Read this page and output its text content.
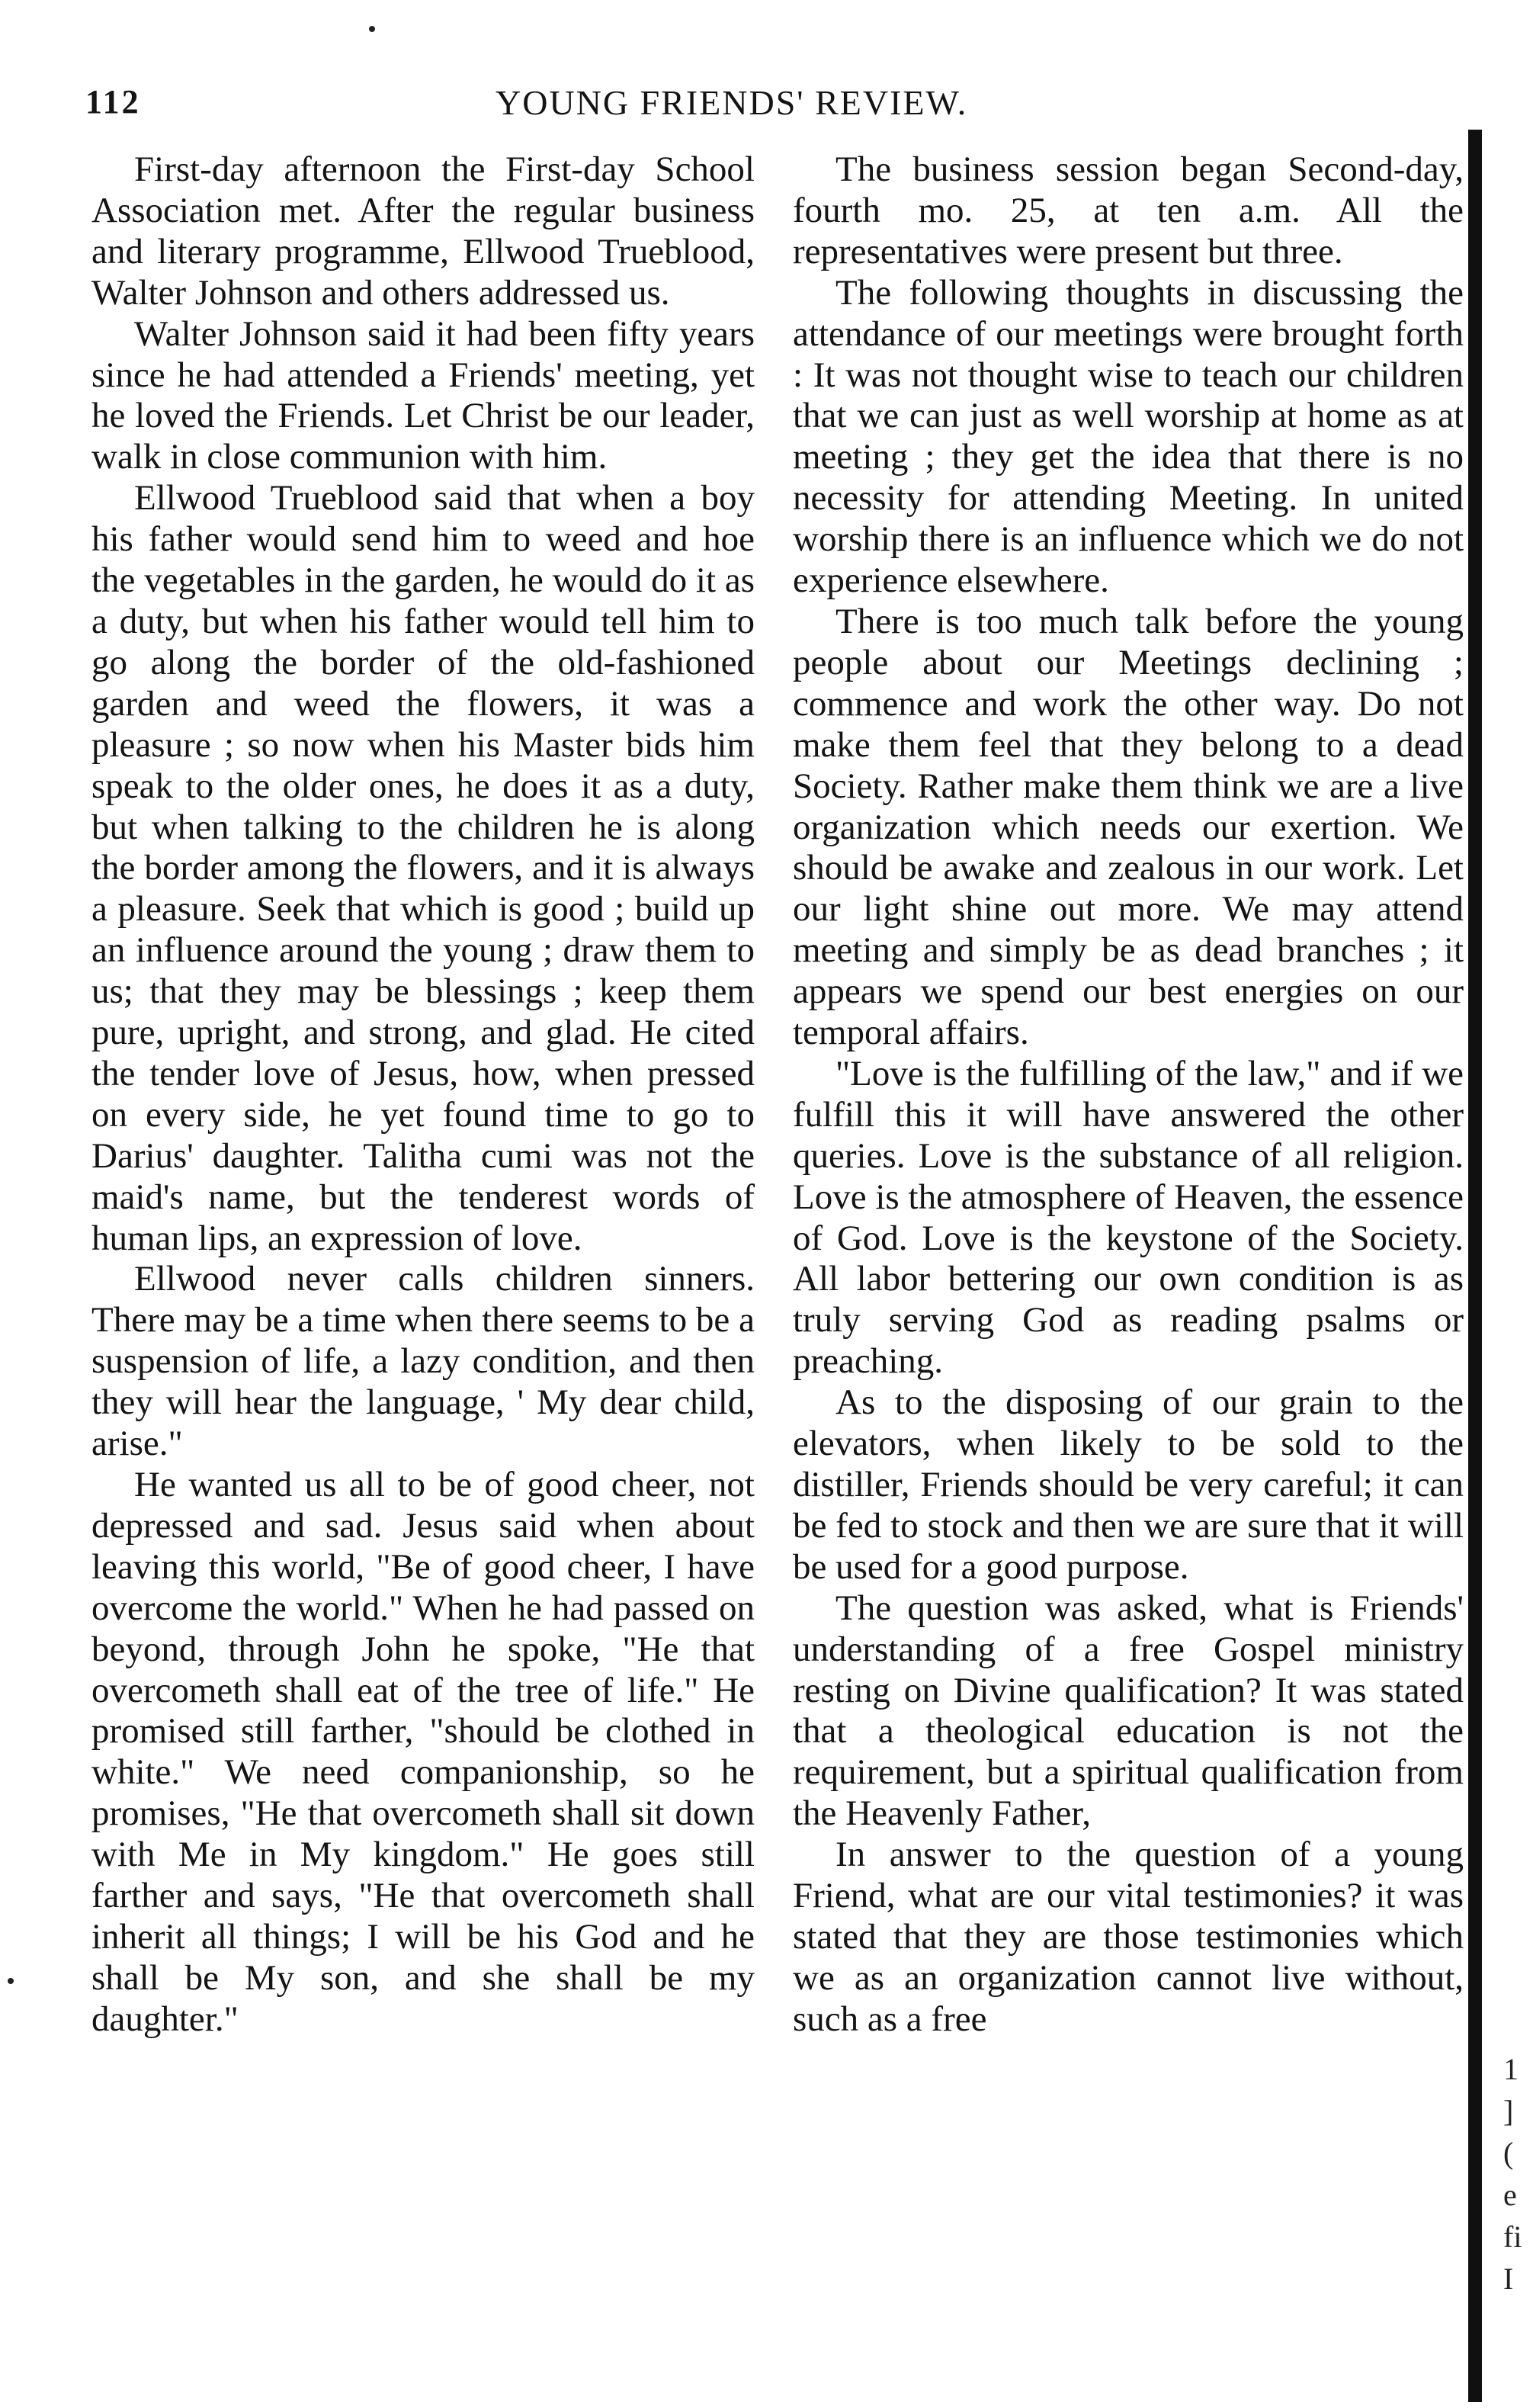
112	YOUNG FRIENDS' REVIEW.

First-day afternoon the First-day School Association met. After the regular business and literary programme, Ellwood Trueblood, Walter Johnson and others addressed us.

Walter Johnson said it had been fifty years since he had attended a Friends' meeting, yet he loved the Friends. Let Christ be our leader, walk in close communion with him.

Ellwood Trueblood said that when a boy his father would send him to weed and hoe the vegetables in the garden, he would do it as a duty, but when his father would tell him to go along the border of the old-fashioned garden and weed the flowers, it was a pleasure ; so now when his Master bids him speak to the older ones, he does it as a duty, but when talking to the children he is along the border among the flowers, and it is always a pleasure. Seek that which is good ; build up an influence around the young ; draw them to us; that they may be blessings ; keep them pure, upright, and strong, and glad. He cited the tender love of Jesus, how, when pressed on every side, he yet found time to go to Darius' daughter. Talitha cumi was not the maid's name, but the tenderest words of human lips, an expression of love.

Ellwood never calls children sinners. There may be a time when there seems to be a suspension of life, a lazy condition, and then they will hear the language, ' My dear child, arise."

He wanted us all to be of good cheer, not depressed and sad. Jesus said when about leaving this world, "Be of good cheer, I have overcome the world." When he had passed on beyond, through John he spoke, "He that overcometh shall eat of the tree of life." He promised still farther, "should be clothed in white." We need companionship, so he promises, "He that overcometh shall sit down with Me in My kingdom." He goes still farther and says, "He that overcometh shall inherit all things; I will be his God and he shall be My son, and she shall be my daughter."

The business session began Second-day, fourth mo. 25, at ten a.m. All the representatives were present but three.

The following thoughts in discussing the attendance of our meetings were brought forth : It was not thought wise to teach our children that we can just as well worship at home as at meeting ; they get the idea that there is no necessity for attending Meeting. In united worship there is an influence which we do not experience elsewhere.

There is too much talk before the young people about our Meetings declining ; commence and work the other way. Do not make them feel that they belong to a dead Society. Rather make them think we are a live organization which needs our exertion. We should be awake and zealous in our work. Let our light shine out more. We may attend meeting and simply be as dead branches ; it appears we spend our best energies on our temporal affairs.

"Love is the fulfilling of the law," and if we fulfill this it will have answered the other queries. Love is the substance of all religion. Love is the atmosphere of Heaven, the essence of God. Love is the keystone of the Society. All labor bettering our own condition is as truly serving God as reading psalms or preaching.

As to the disposing of our grain to the elevators, when likely to be sold to the distiller, Friends should be very careful; it can be fed to stock and then we are sure that it will be used for a good purpose.

The question was asked, what is Friends' understanding of a free Gospel ministry resting on Divine qualification? It was stated that a theological education is not the requirement, but a spiritual qualification from the Heavenly Father,

In answer to the question of a young Friend, what are our vital testimonies? it was stated that they are those testimonies which we as an organization cannot live without, such as a free

1
]
(
e
fi
I
